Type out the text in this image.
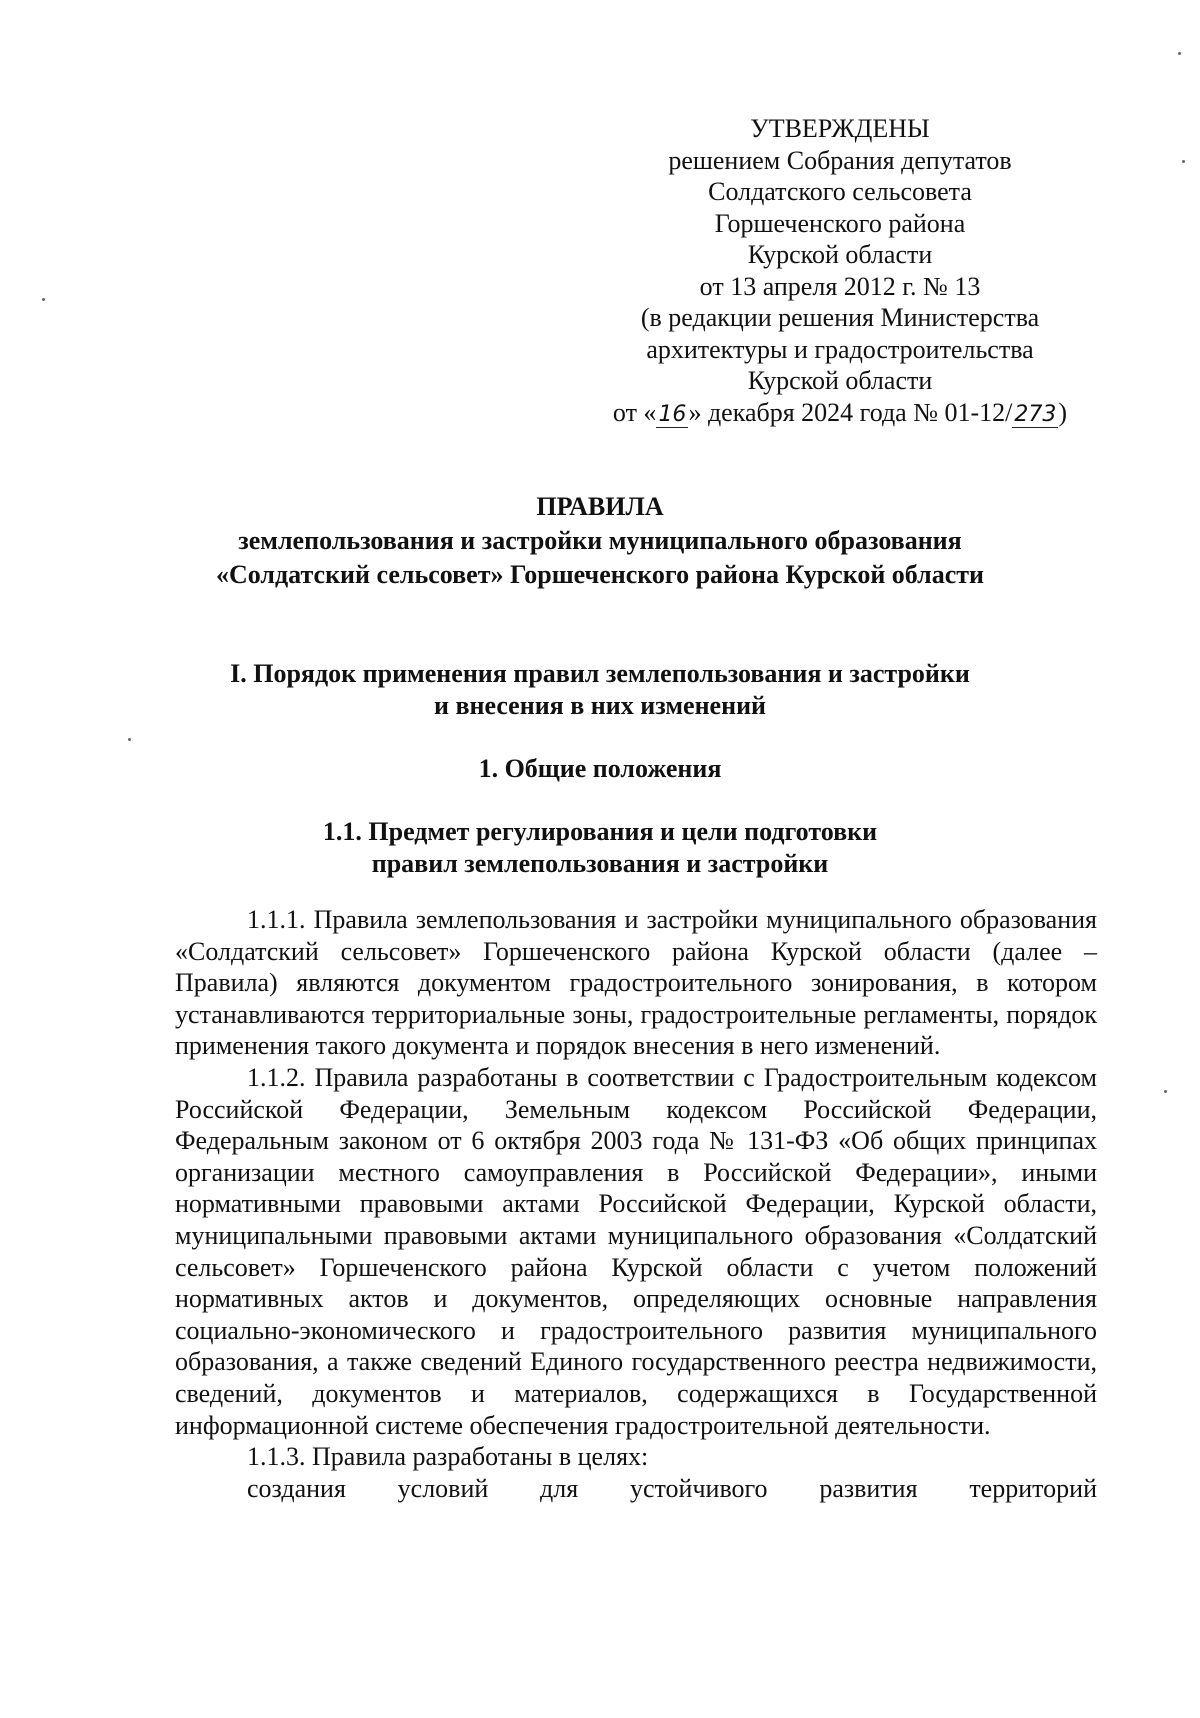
УТВЕРЖДЕНЫ
решением Собрания депутатов
Солдатского сельсовета
Горшеченского района
Курской области
от 13 апреля 2012 г. № 13
(в редакции решения Министерства
архитектуры и градостроительства
Курской области
от «16» декабря 2024 года № 01-12/273)
ПРАВИЛА
землепользования и застройки муниципального образования
«Солдатский сельсовет» Горшеченского района Курской области
I. Порядок применения правил землепользования и застройки
и внесения в них изменений
1. Общие положения
1.1. Предмет регулирования и цели подготовки
правил землепользования и застройки

1.1.1. Правила землепользования и застройки муниципального образования «Солдатский сельсовет» Горшеченского района Курской области (далее – Правила) являются документом градостроительного зонирования, в котором устанавливаются территориальные зоны, градостроительные регламенты, порядок применения такого документа и порядок внесения в него изменений.

1.1.2. Правила разработаны в соответствии с Градостроительным кодексом Российской Федерации, Земельным кодексом Российской Федерации, Федеральным законом от 6 октября 2003 года № 131-ФЗ «Об общих принципах организации местного самоуправления в Российской Федерации», иными нормативными правовыми актами Российской Федерации, Курской области, муниципальными правовыми актами муниципального образования «Солдатский сельсовет» Горшеченского района Курской области с учетом положений нормативных актов и документов, определяющих основные направления социально-экономического и градостроительного развития муниципального образования, а также сведений Единого государственного реестра недвижимости, сведений, документов и материалов, содержащихся в Государственной информационной системе обеспечения градостроительной деятельности.

1.1.3. Правила разработаны в целях:

создания условий для устойчивого развития территорий
